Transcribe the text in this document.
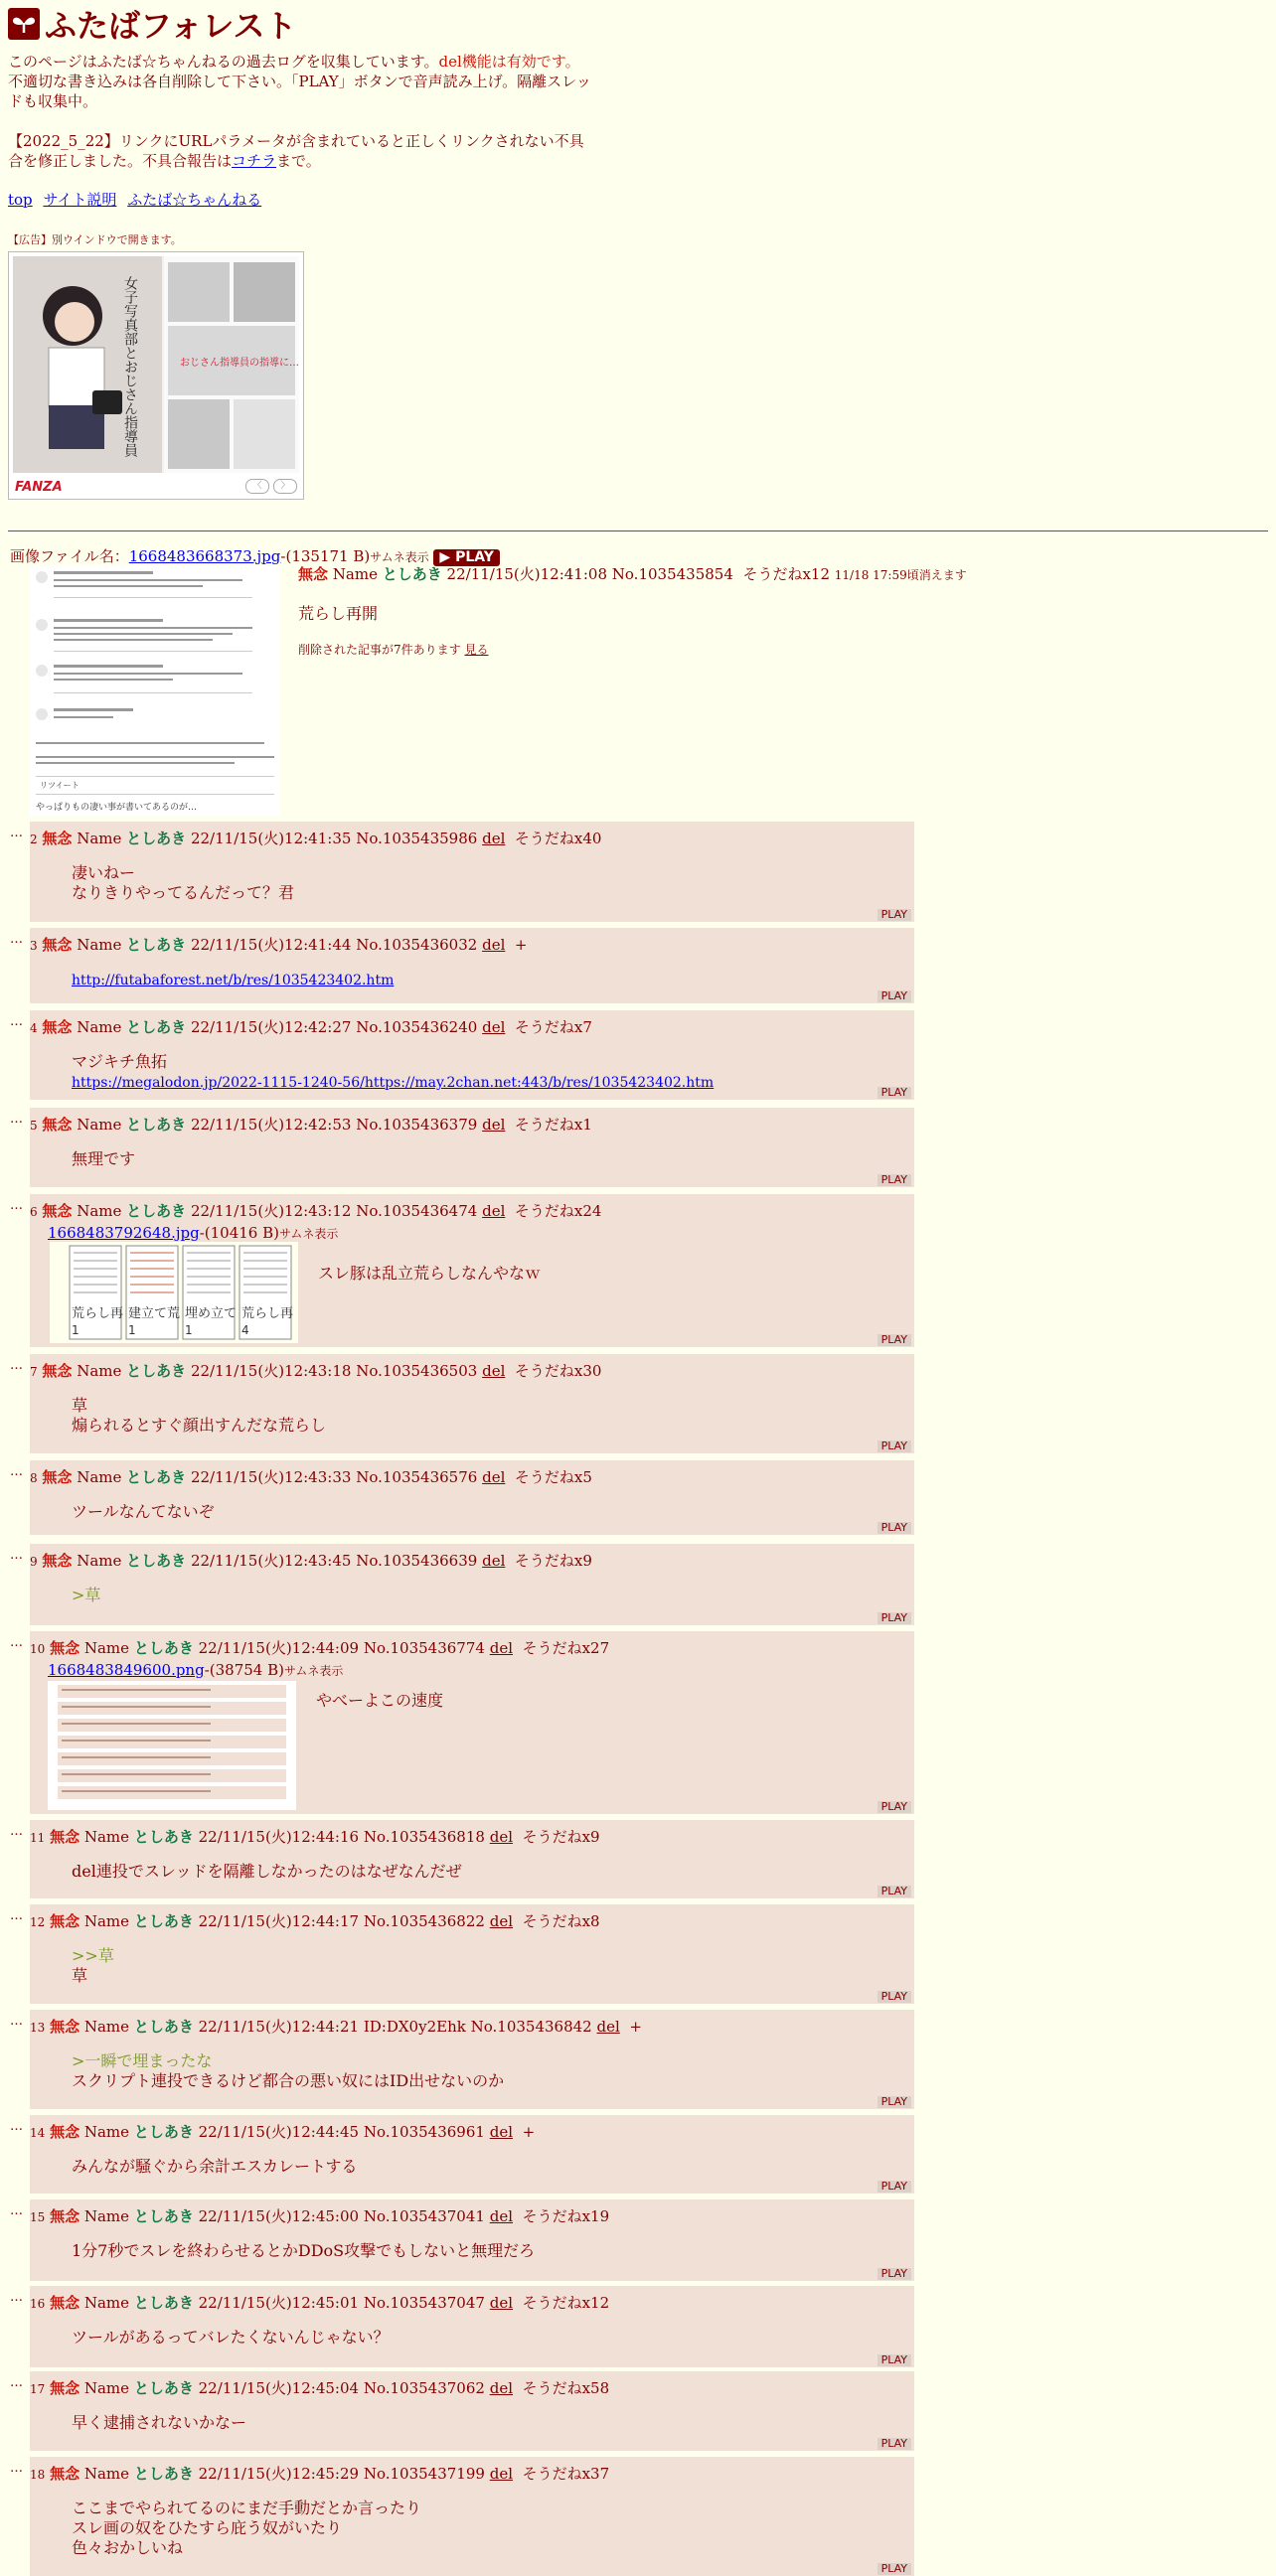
ふたばフォレスト
このページはふたば☆ちゃんねるの過去ログを収集しています。del機能は有効です。不適切な書き込みは各自削除して下さい。「PLAY」ボタンで音声読み上げ。隔離スレッドも収集中。
【2022_5_22】リンクにURLパラメータが含まれていると正しくリンクされない不具合を修正しました。不具合報告はコチラまで。
top サイト説明 ふたば☆ちゃんねる
【広告】別ウインドウで開きます。
女子写真部とおじさん指導員	おじさん指導員の指導に…
FANZA	〈	〉
画像ファイル名：1668483668373.jpg-(135171 B)サムネ表示 ▶ PLAY
リツイート
やっぱりもの凄い事が書いてあるのが…
無念 Name としあき 22/11/15(火)12:41:08 No.1035435854 そうだねx12 11/18 17:59頃消えます
荒らし再開
削除された記事が7件あります 見る
… 2 無念 Name としあき 22/11/15(火)12:41:35 No.1035435986 del そうだねx40
凄いねー
なりきりやってるんだって？君
PLAY
… 3 無念 Name としあき 22/11/15(火)12:41:44 No.1035436032 del +
http://futabaforest.net/b/res/1035423402.htm
PLAY
… 4 無念 Name としあき 22/11/15(火)12:42:27 No.1035436240 del そうだねx7
マジキチ魚拓
https://megalodon.jp/2022-1115-1240-56/https://may.2chan.net:443/b/res/1035423402.htm
PLAY
… 5 無念 Name としあき 22/11/15(火)12:42:53 No.1035436379 del そうだねx1
無理です
PLAY
… 6 無念 Name としあき 22/11/15(火)12:43:12 No.1035436474 del そうだねx24
1668483792648.jpg-(10416 B)サムネ表示
荒らし再
1
建立て荒
1
埋め立て
1
荒らし再
4
スレ豚は乱立荒らしなんやなｗ
PLAY
… 7 無念 Name としあき 22/11/15(火)12:43:18 No.1035436503 del そうだねx30
草
煽られるとすぐ顔出すんだな荒らし
PLAY
… 8 無念 Name としあき 22/11/15(火)12:43:33 No.1035436576 del そうだねx5
ツールなんてないぞ
PLAY
… 9 無念 Name としあき 22/11/15(火)12:43:45 No.1035436639 del そうだねx9
>草
PLAY
… 10 無念 Name としあき 22/11/15(火)12:44:09 No.1035436774 del そうだねx27
1668483849600.png-(38754 B)サムネ表示
やべーよこの速度
PLAY
… 11 無念 Name としあき 22/11/15(火)12:44:16 No.1035436818 del そうだねx9
del連投でスレッドを隔離しなかったのはなぜなんだぜ
PLAY
… 12 無念 Name としあき 22/11/15(火)12:44:17 No.1035436822 del そうだねx8
>>草
草
PLAY
… 13 無念 Name としあき 22/11/15(火)12:44:21 ID:DX0y2Ehk No.1035436842 del +
>一瞬で埋まったな
スクリプト連投できるけど都合の悪い奴にはID出せないのか
PLAY
… 14 無念 Name としあき 22/11/15(火)12:44:45 No.1035436961 del +
みんなが騒ぐから余計エスカレートする
PLAY
… 15 無念 Name としあき 22/11/15(火)12:45:00 No.1035437041 del そうだねx19
1分7秒でスレを終わらせるとかDDoS攻撃でもしないと無理だろ
PLAY
… 16 無念 Name としあき 22/11/15(火)12:45:01 No.1035437047 del そうだねx12
ツールがあるってバレたくないんじゃない？
PLAY
… 17 無念 Name としあき 22/11/15(火)12:45:04 No.1035437062 del そうだねx58
早く逮捕されないかなー
PLAY
… 18 無念 Name としあき 22/11/15(火)12:45:29 No.1035437199 del そうだねx37
ここまでやられてるのにまだ手動だとか言ったり
スレ画の奴をひたすら庇う奴がいたり
色々おかしいね
PLAY
